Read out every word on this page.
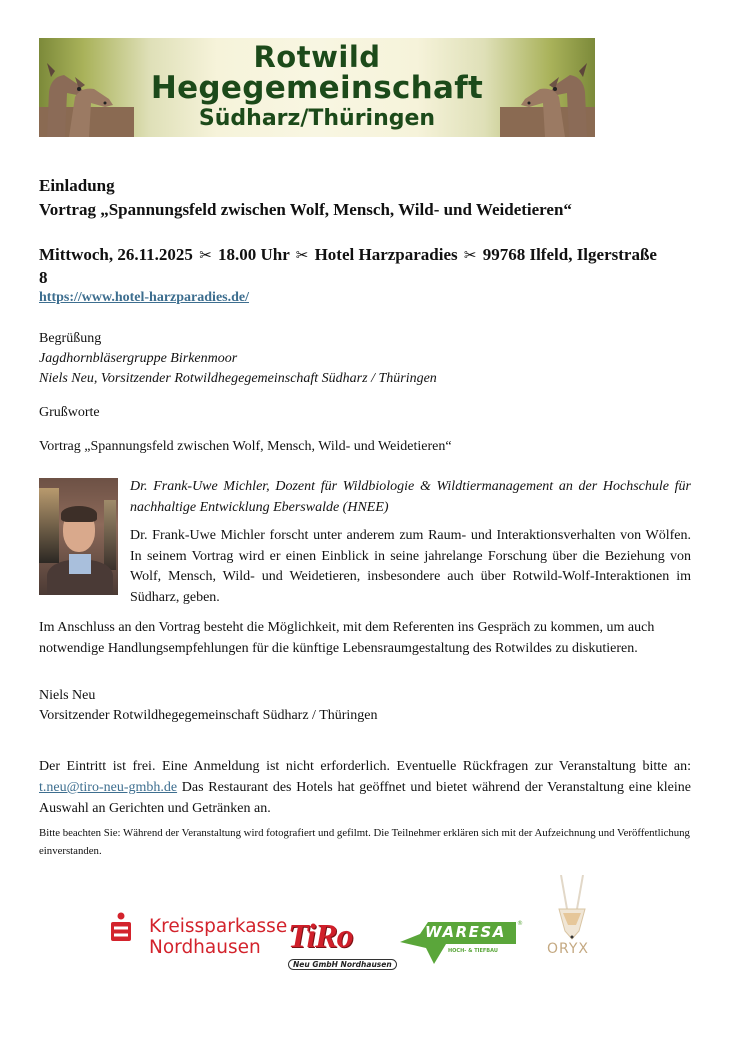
Rotwild
Hegegemeinschaft
Südharz/Thüringen
Einladung
Vortrag „Spannungsfeld zwischen Wolf, Mensch, Wild- und Weidetieren“
Mittwoch, 26.11.2025 ✂ 18.00 Uhr ✂ Hotel Harzparadies ✂ 99768 Ilfeld, Ilgerstraße
8
https://www.hotel-harzparadies.de/
Begrüßung
Jagdhornbläsergruppe Birkenmoor
Niels Neu, Vorsitzender Rotwildhegegemeinschaft Südharz / Thüringen
Grußworte
Vortrag „Spannungsfeld zwischen Wolf, Mensch, Wild- und Weidetieren“
Dr. Frank-Uwe Michler, Dozent für Wildbiologie & Wildtiermanagement an der Hochschule für nachhaltige Entwicklung Eberswalde (HNEE)
Dr. Frank-Uwe Michler forscht unter anderem zum Raum- und Interaktionsverhalten von Wölfen. In seinem Vortrag wird er einen Einblick in seine jahrelange Forschung über die Beziehung von Wolf, Mensch, Wild- und Weidetieren, insbesondere auch über Rotwild-Wolf-Interaktionen im Südharz, geben.
Im Anschluss an den Vortrag besteht die Möglichkeit, mit dem Referenten ins Gespräch zu kommen, um auch notwendige Handlungsempfehlungen für die künftige Lebensraumgestaltung des Rotwildes zu diskutieren.
Niels Neu
Vorsitzender Rotwildhegegemeinschaft Südharz / Thüringen
Der Eintritt ist frei. Eine Anmeldung ist nicht erforderlich. Eventuelle Rückfragen zur Veranstaltung bitte an: t.neu@tiro-neu-gmbh.de Das Restaurant des Hotels hat geöffnet und bietet während der Veranstaltung eine kleine Auswahl an Gerichten und Getränken an.
Bitte beachten Sie: Während der Veranstaltung wird fotografiert und gefilmt. Die Teilnehmer erklären sich mit der Aufzeichnung und Veröffentlichung einverstanden.
Kreissparkasse
Nordhausen TiRo
Neu GmbH Nordhausen
WARESA
HOCH- & TIEFBAU
®
ORYX
